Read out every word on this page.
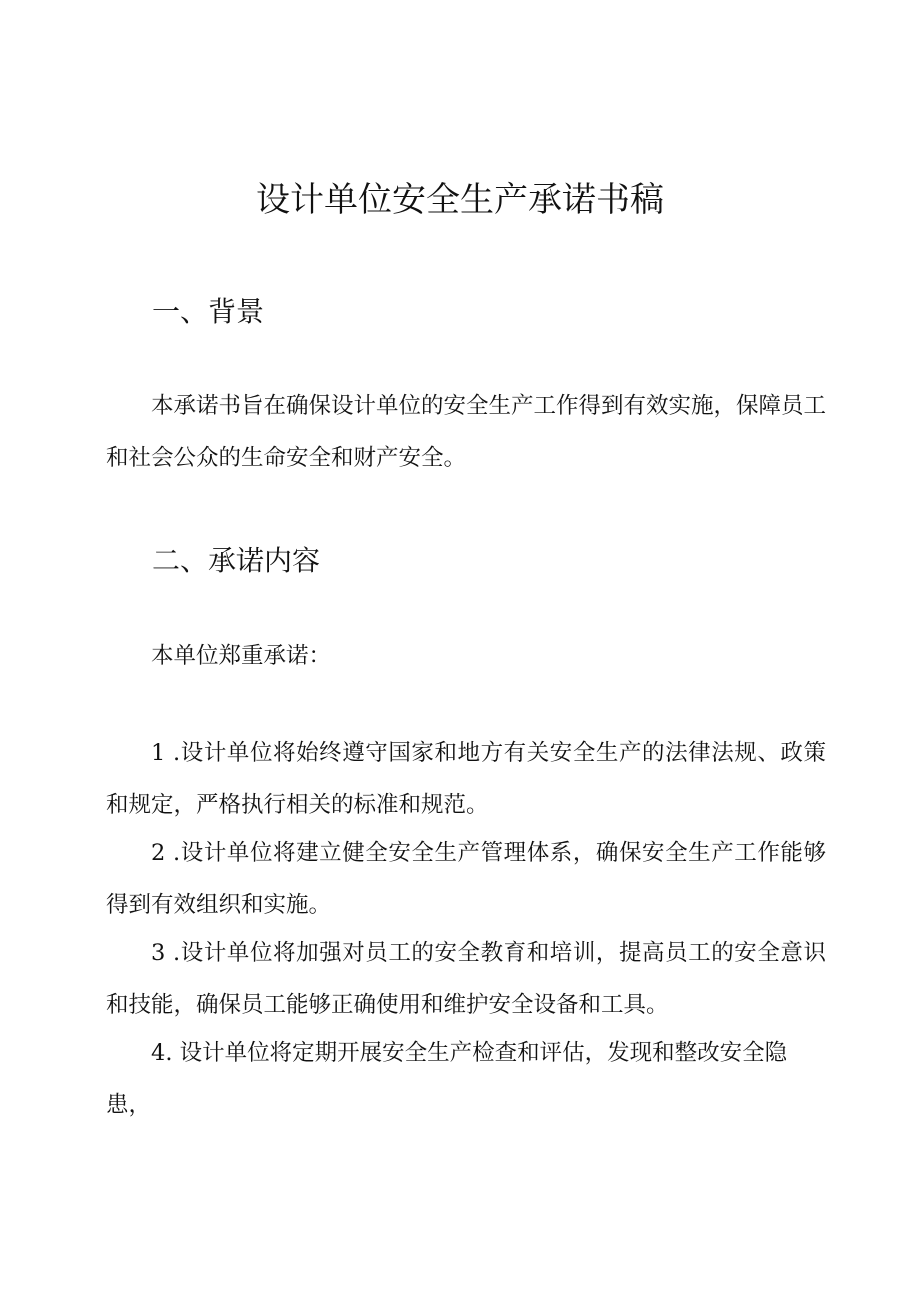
设计单位安全生产承诺书稿
一、背景

本承诺书旨在确保设计单位的安全生产工作得到有效实施，保障员工和社会公众的生命安全和财产安全。

二、承诺内容

本单位郑重承诺：

1 .设计单位将始终遵守国家和地方有关安全生产的法律法规、政策和规定，严格执行相关的标准和规范。

2 .设计单位将建立健全安全生产管理体系，确保安全生产工作能够得到有效组织和实施。

3 .设计单位将加强对员工的安全教育和培训，提高员工的安全意识和技能，确保员工能够正确使用和维护安全设备和工具。

4. 设计单位将定期开展安全生产检查和评估，发现和整改安全隐患，
